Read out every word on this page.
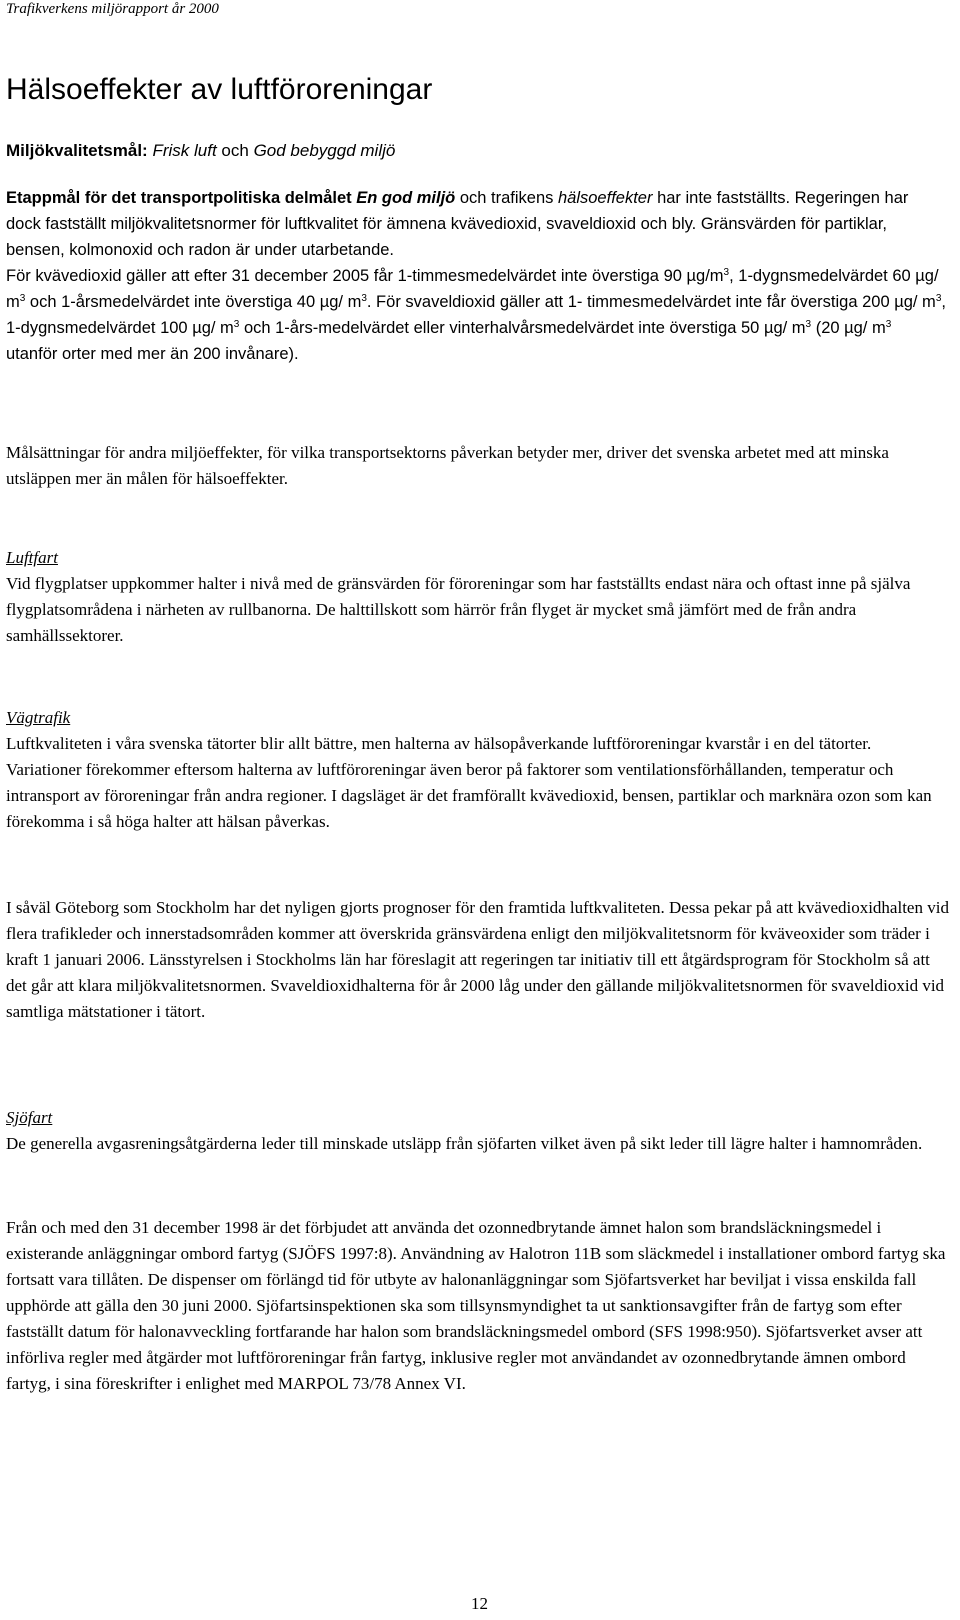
Trafikverkens miljörapport år 2000
Hälsoeffekter av luftföroreningar
Miljökvalitetsmål: Frisk luft och God bebyggd miljö
Etappmål för det transportpolitiska delmålet En god miljö och trafikens hälsoeffekter har inte fastställts. Regeringen har dock fastställt miljökvalitetsnormer för luftkvalitet för ämnena kvävedioxid, svaveldioxid och bly. Gränsvärden för partiklar, bensen, kolmonoxid och radon är under utarbetande.
För kvävedioxid gäller att efter 31 december 2005 får 1-timmesmedelvärdet inte överstiga 90 $\mu g/m^3$, 1-dygnsmedelvärdet 60 µg/ $m^3$ och 1-årsmedelvärdet inte överstiga 40 µg/ $m^3$. För svaveldioxid gäller att 1- timmesmedelvärdet inte får överstiga 200 µg/ $m^3$, 1-dygnsmedelvärdet 100 µg/ $m^3$ och 1-års-medelvärdet eller vinterhalvårsmedelvärdet inte överstiga 50 µg/ $m^3$ (20 µg/ $m^3$ utanför orter med mer än 200 invånare).
Målsättningar för andra miljöeffekter, för vilka transportsektorns påverkan betyder mer, driver det svenska arbetet med att minska utsläppen mer än målen för hälsoeffekter.
Luftfart
Vid flygplatser uppkommer halter i nivå med de gränsvärden för föroreningar som har fastställts endast nära och oftast inne på själva flygplatsområdena i närheten av rullbanorna. De halttillskott som härrör från flyget är mycket små jämfört med de från andra samhällssektorer.
Vägtrafik
Luftkvaliteten i våra svenska tätorter blir allt bättre, men halterna av hälsopåverkande luftföroreningar kvarstår i en del tätorter. Variationer förekommer eftersom halterna av luftföroreningar även beror på faktorer som ventilationsförhållanden, temperatur och intransport av föroreningar från andra regioner. I dagsläget är det framförallt kvävedioxid, bensen, partiklar och marknära ozon som kan förekomma i så höga halter att hälsan påverkas.
I såväl Göteborg som Stockholm har det nyligen gjorts prognoser för den framtida luftkvaliteten. Dessa pekar på att kvävedioxidhalten vid flera trafikleder och innerstadsområden kommer att överskrida gränsvärdena enligt den miljökvalitetsnorm för kväveoxider som träder i kraft 1 januari 2006. Länsstyrelsen i Stockholms län har föreslagit att regeringen tar initiativ till ett åtgärdsprogram för Stockholm så att det går att klara miljökvalitetsnormen. Svaveldioxidhalterna för år 2000 låg under den gällande miljökvalitetsnormen för svaveldioxid vid samtliga mätstationer i tätort.
Sjöfart
De generella avgasreningsåtgärderna leder till minskade utsläpp från sjöfarten vilket även på sikt leder till lägre halter i hamnområden.
Från och med den 31 december 1998 är det förbjudet att använda det ozonnedbrytande ämnet halon som brandsläckningsmedel i existerande anläggningar ombord fartyg (SJÖFS 1997:8). Användning av Halotron 11B som släckmedel i installationer ombord fartyg ska fortsatt vara tillåten. De dispenser om förlängd tid för utbyte av halonanläggningar som Sjöfartsverket har beviljat i vissa enskilda fall upphörde att gälla den 30 juni 2000. Sjöfartsinspektionen ska som tillsynsmyndighet ta ut sanktionsavgifter från de fartyg som efter fastställt datum för halonavveckling fortfarande har halon som brandsläckningsmedel ombord (SFS 1998:950). Sjöfartsverket avser att införliva regler med åtgärder mot luftföroreningar från fartyg, inklusive regler mot användandet av ozonnedbrytande ämnen ombord fartyg, i sina föreskrifter i enlighet med MARPOL 73/78 Annex VI.
12
